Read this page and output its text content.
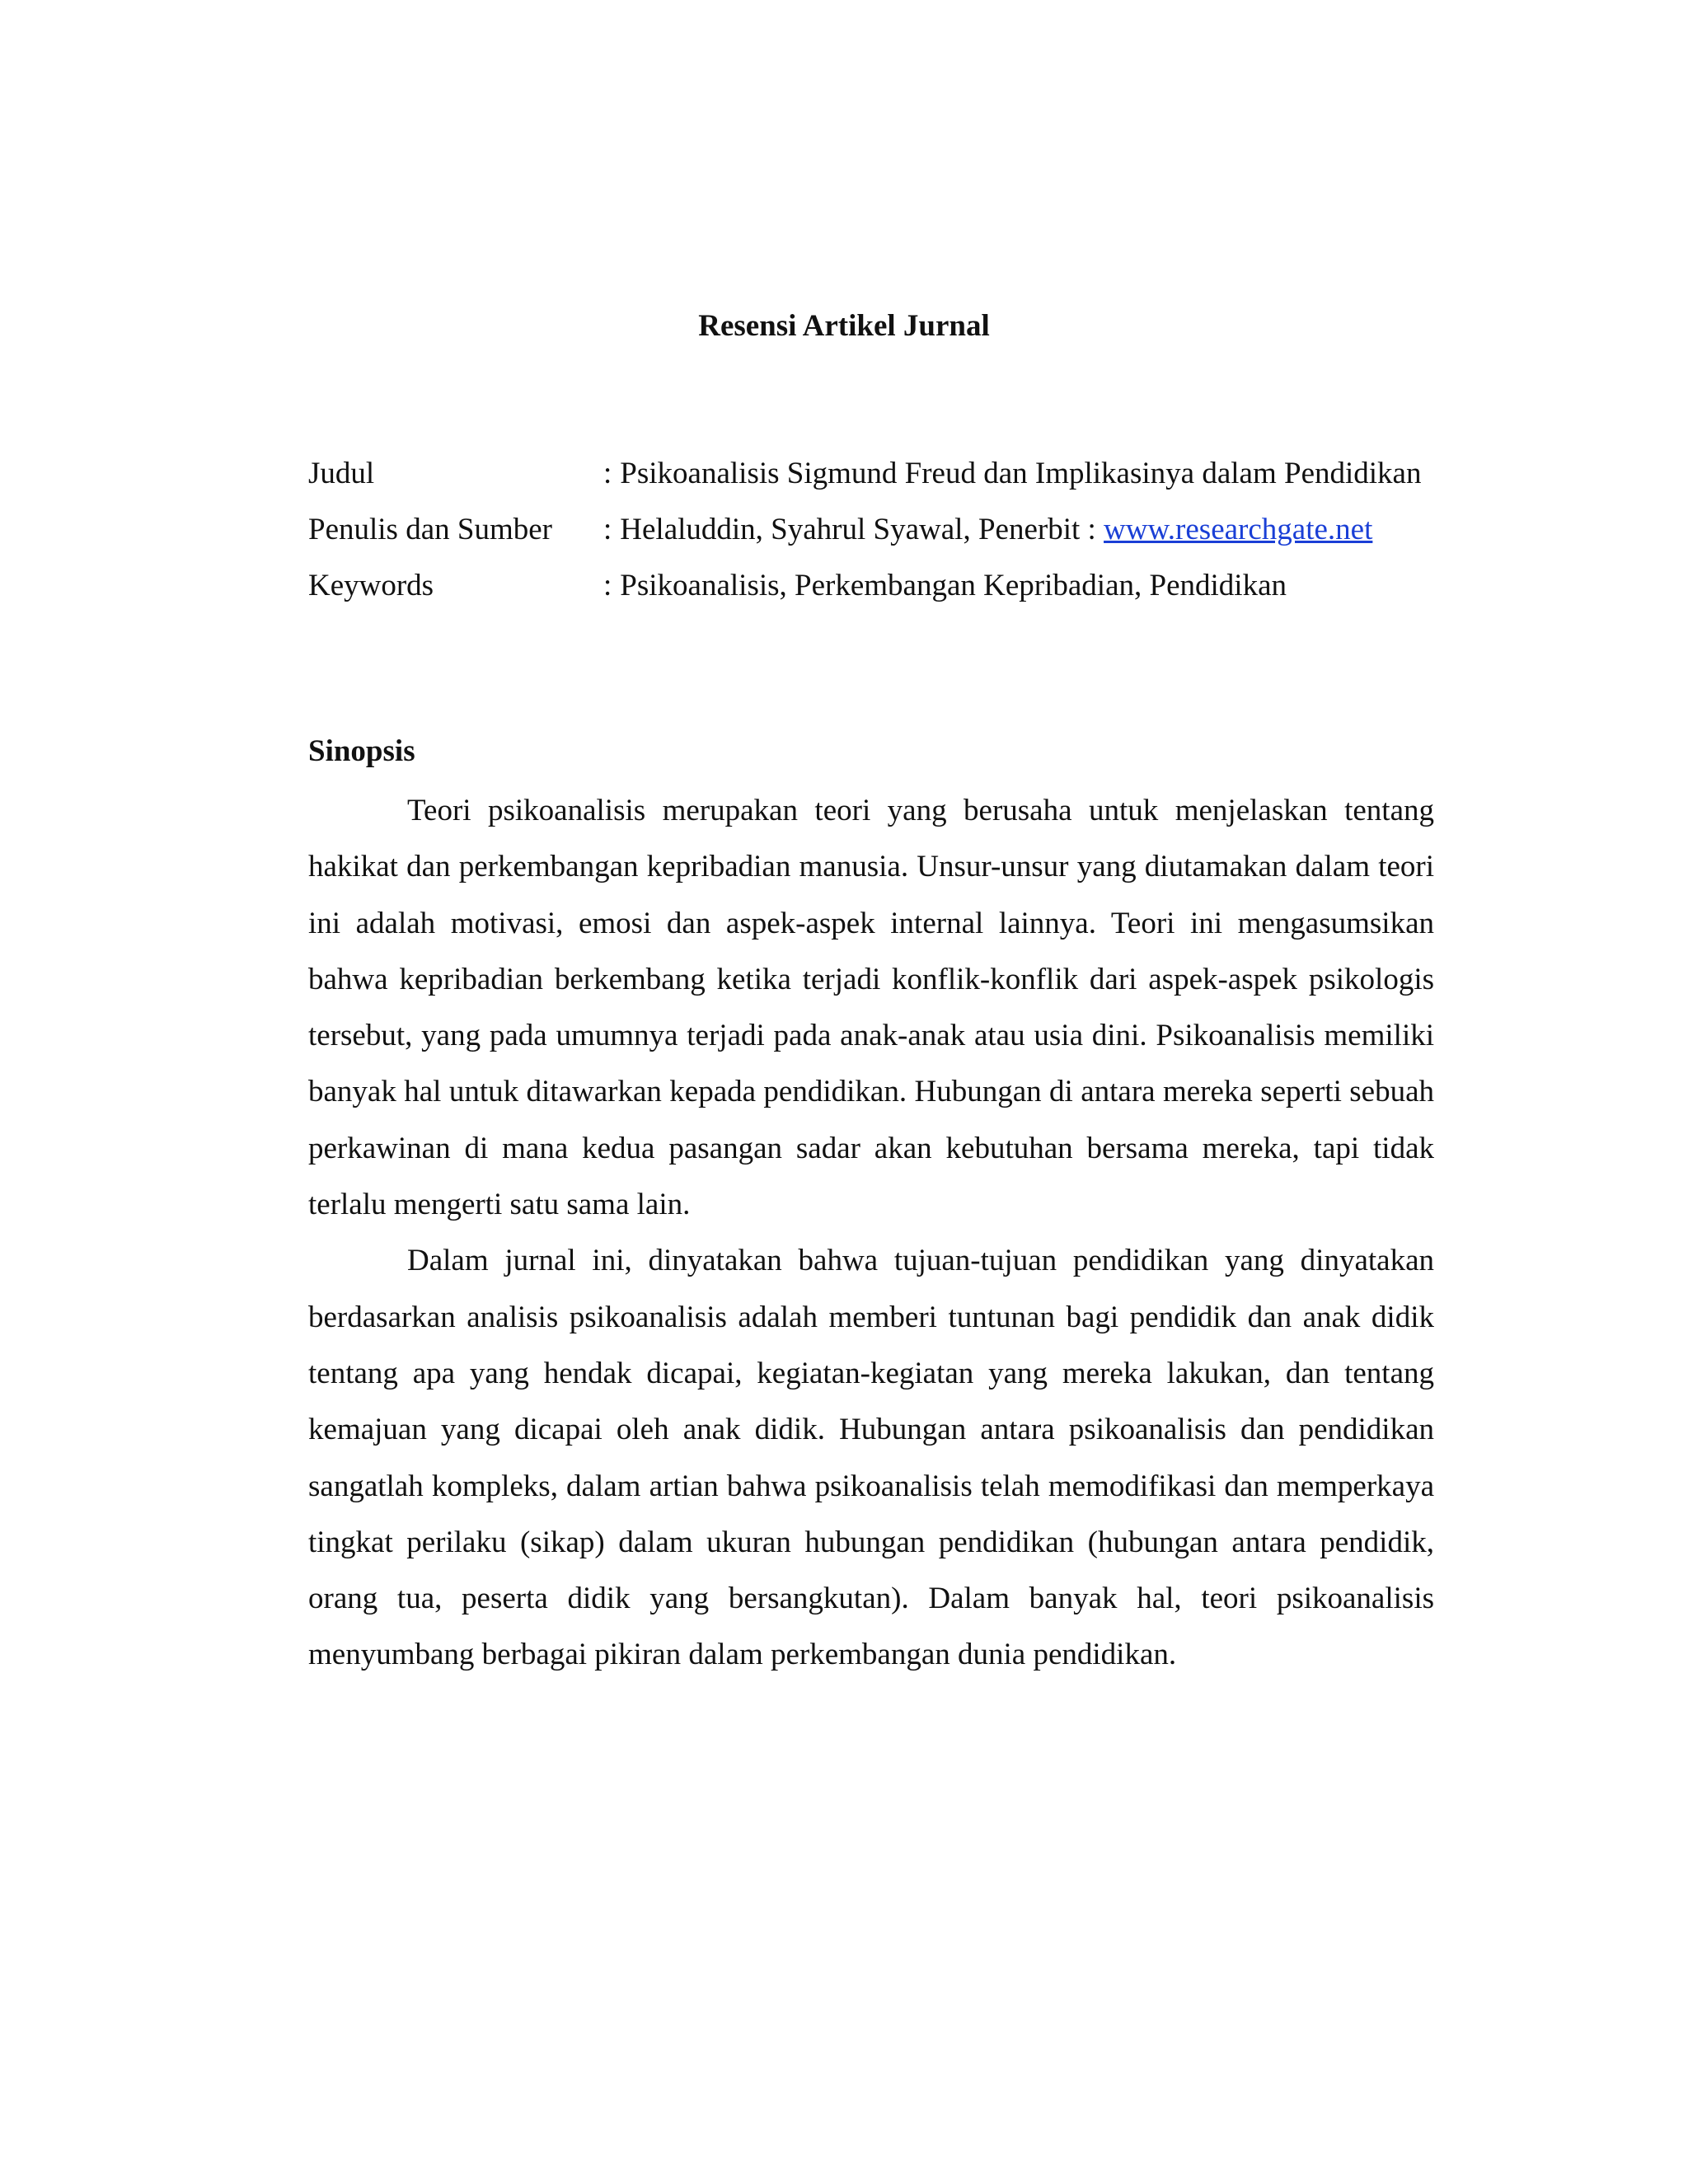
Resensi Artikel Jurnal
Judul	: Psikoanalisis Sigmund Freud dan Implikasinya dalam Pendidikan
Penulis dan Sumber	: Helaluddin, Syahrul Syawal, Penerbit : www.researchgate.net
Keywords	: Psikoanalisis, Perkembangan Kepribadian, Pendidikan
Sinopsis

Teori psikoanalisis merupakan teori yang berusaha untuk menjelaskan tentang hakikat dan perkembangan kepribadian manusia. Unsur-unsur yang diutamakan dalam teori ini adalah motivasi, emosi dan aspek-aspek internal lainnya. Teori ini mengasumsikan bahwa kepribadian berkembang ketika terjadi konflik-konflik dari aspek-aspek psikologis tersebut, yang pada umumnya terjadi pada anak-anak atau usia dini. Psikoanalisis memiliki banyak hal untuk ditawarkan kepada pendidikan. Hubungan di antara mereka seperti sebuah perkawinan di mana kedua pasangan sadar akan kebutuhan bersama mereka, tapi tidak terlalu mengerti satu sama lain.

Dalam jurnal ini, dinyatakan bahwa tujuan-tujuan pendidikan yang dinyatakan berdasarkan analisis psikoanalisis adalah memberi tuntunan bagi pendidik dan anak didik tentang apa yang hendak dicapai, kegiatan-kegiatan yang mereka lakukan, dan tentang kemajuan yang dicapai oleh anak didik. Hubungan antara psikoanalisis dan pendidikan sangatlah kompleks, dalam artian bahwa psikoanalisis telah memodifikasi dan memperkaya tingkat perilaku (sikap) dalam ukuran hubungan pendidikan (hubungan antara pendidik, orang tua, peserta didik yang bersangkutan). Dalam banyak hal, teori psikoanalisis menyumbang berbagai pikiran dalam perkembangan dunia pendidikan.
